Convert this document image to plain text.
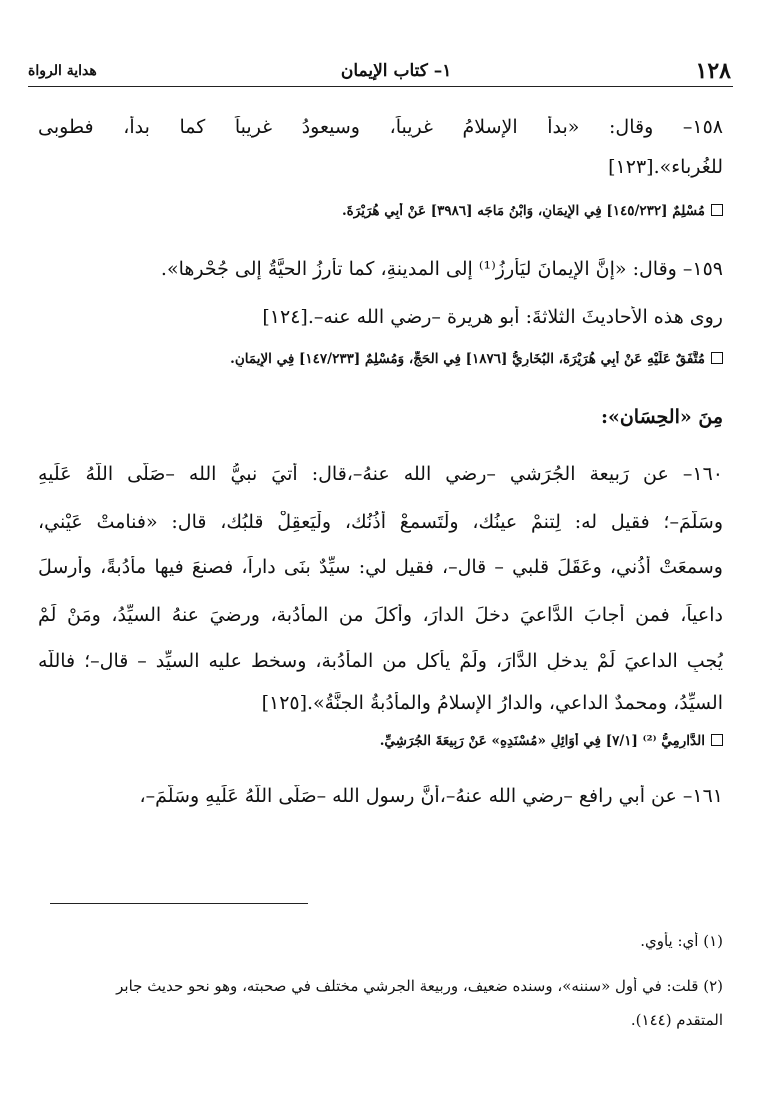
١٢٨
١– كتاب الإيمان
هداية الرواة
١٥٨– وقال: «بدأ الإسلامُ غريباً، وسيعودُ غريباً كما بدأ، فطوبى
للغُرباء».[١٢٣]
مُسْلِمٌ [١٤٥/٢٣٢] فِي الإِيمَانِ، وَابْنُ مَاجَه [٣٩٨٦] عَنْ أَبِي هُرَيْرَةَ.
١٥٩– وقال: «إنَّ الإيمانَ ليَأرِزُ⁽¹⁾ إلى المدينةِ، كما تأرِزُ الحيَّةُ إلى جُحْرِها».
روى هذه الأحاديثَ الثلاثةَ: أبو هريرة –رضي الله عنه–.[١٢٤]
مُتَّفَقٌ عَلَيْهِ عَنْ أَبِي هُرَيْرَةَ، البُخَارِيُّ [١٨٧٦] فِي الحَجِّ، وَمُسْلِمٌ [١٤٧/٢٣٣] فِي الإِيمَانِ.
مِنَ «الحِسَان»:
١٦٠– عن رَبيعة الجُرَشي –رضي الله عنهُ–،قال: أُتيَ نبيُّ الله –صَلَّى اللَّهُ عَلَيهِ
وسَلَّمَ–؛ فقيل له: لِتنمْ عينُك، ولْتَسمعْ أذُنُك، ولْيَعقِلْ قلبُك، قال: «فنامتْ عَيْني،
وسمعَتْ أُذُني، وعَقَلَ قلبي – قال–، فقيل لي: سيِّدٌ بنَى داراً، فصنعَ فيها مأدُبةً، وأرسلَ
داعياً، فمن أجابَ الدَّاعيَ دخلَ الدارَ، وأكلَ من المأدُبة، ورضيَ عنهُ السيِّدُ، ومَنْ لَمْ
يُجبِ الداعيَ لَمْ يدخلِ الدَّارَ، ولَمْ يأكل من المأدُبة، وسخط عليه السيِّد – قال–؛ فاللَّه
السيِّدُ، ومحمدٌ الداعي، والدارُ الإسلامُ والمأدُبةُ الجنَّةُ».[١٢٥]
الدَّارِمِيُّ ⁽²⁾ [٧/١] فِي أَوَائِلِ «مُسْنَدِهِ» عَنْ رَبِيعَةَ الجُرَشِيِّ.
١٦١– عن أبي رافعٍ –رضي الله عنهُ–،أنَّ رسول الله –صَلَّى اللَّهُ عَلَيهِ وسَلَّمَ–،
(١) أي: يأوي.
(٢) قلت: في أول «سننه»، وسنده ضعيف، وربيعة الجرشي مختلف في صحبته، وهو نحو حديث جابر
المتقدم (١٤٤).
